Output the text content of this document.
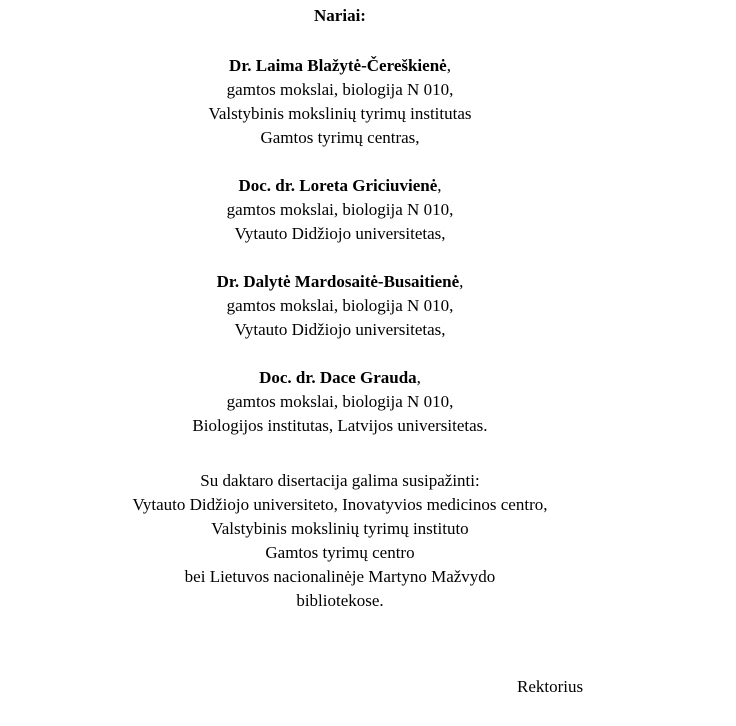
Nariai:

Dr. Laima Blažytė-Čereškienė,

gamtos mokslai, biologija N 010,

Valstybinis mokslinių tyrimų institutas

Gamtos tyrimų centras,

Doc. dr. Loreta Griciuvienė,

gamtos mokslai, biologija N 010,

Vytauto Didžiojo universitetas,

Dr. Dalytė Mardosaitė-Busaitienė,

gamtos mokslai, biologija N 010,

Vytauto Didžiojo universitetas,

Doc. dr. Dace Grauda,

gamtos mokslai, biologija N 010,

Biologijos institutas, Latvijos universitetas.

Su daktaro disertacija galima susipažinti:

Vytauto Didžiojo universiteto, Inovatyvios medicinos centro,

Valstybinis mokslinių tyrimų instituto

Gamtos tyrimų centro

bei Lietuvos nacionalinėje Martyno Mažvydo

bibliotekose.

Rektorius
